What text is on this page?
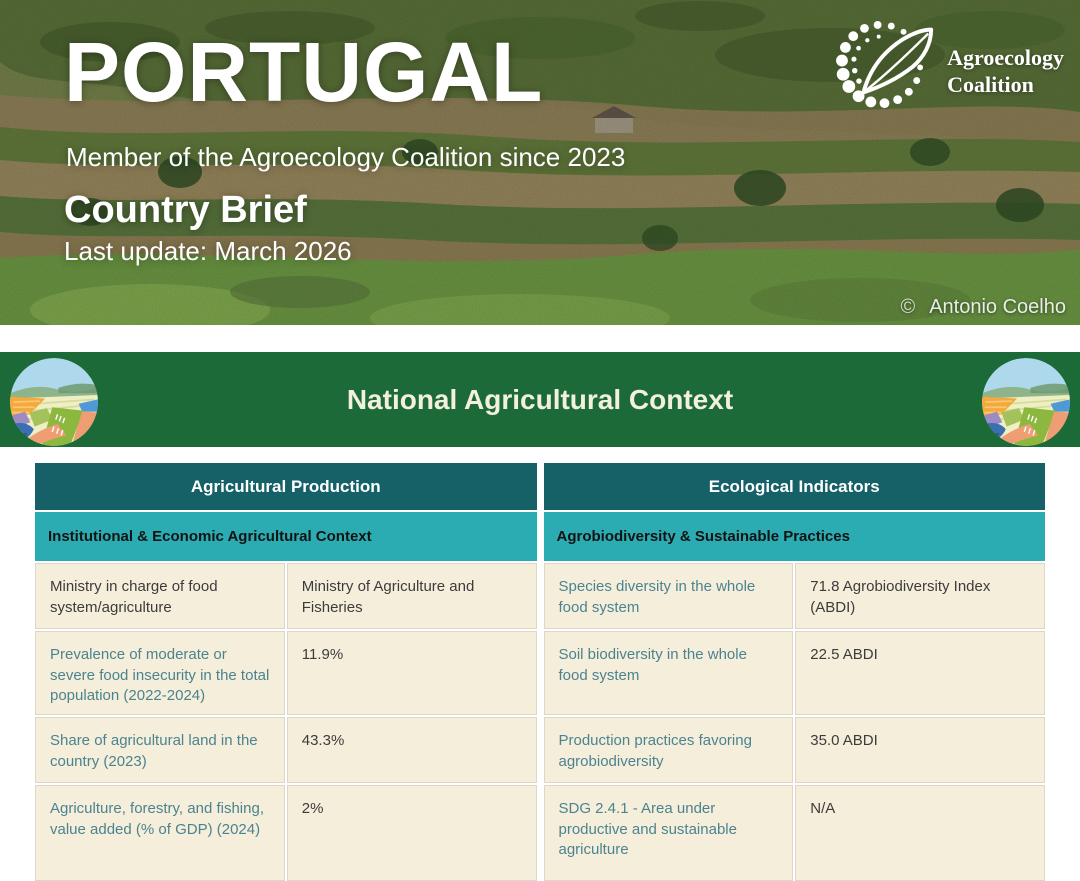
PORTUGAL
Member of the Agroecology Coalition since 2023
Country Brief
Last update: March 2026
Agroecology
Coalition
© Antonio Coelho
National Agricultural Context
Agricultural Production
Institutional & Economic Agricultural Context
Ministry in charge of food system/agriculture
Ministry of Agriculture and Fisheries
Prevalence of moderate or severe food insecurity in the total population (2022-2024)
11.9%
Share of agricultural land in the country (2023)
43.3%
Agriculture, forestry, and fishing, value added (% of GDP) (2024)
2%
Ecological Indicators
Agrobiodiversity & Sustainable Practices
Species diversity in the whole food system
71.8 Agrobiodiversity Index (ABDI)
Soil biodiversity in the whole food system
22.5 ABDI
Production practices favoring agrobiodiversity
35.0 ABDI
SDG 2.4.1 - Area under productive and sustainable agriculture
N/A
